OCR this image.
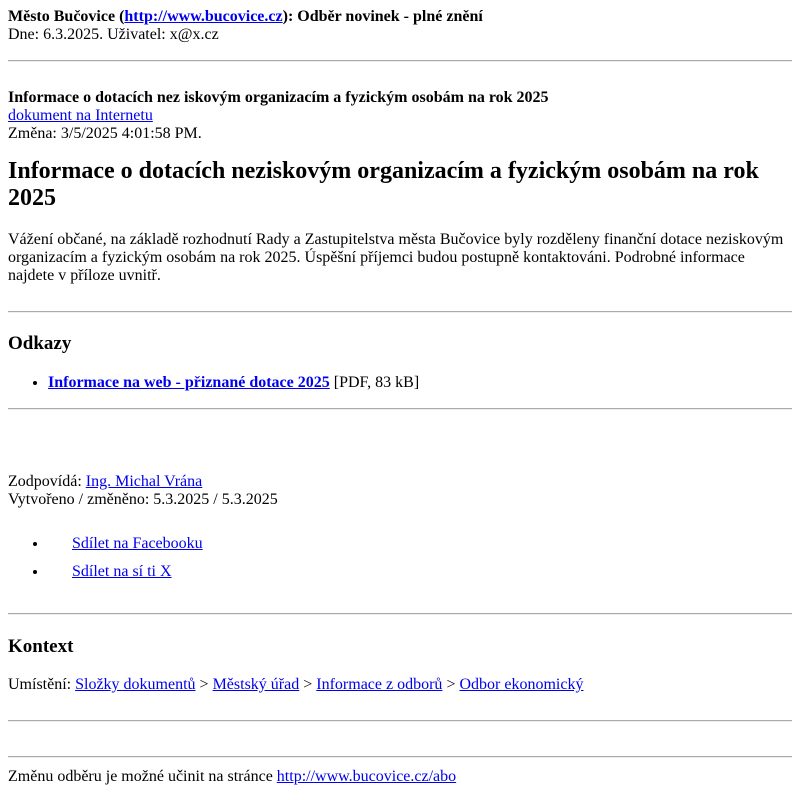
Město Bučovice (http://www.bucovice.cz): Odběr novinek - plné znění
Dne: 6.3.2025. Uživatel: x@x.cz
Informace o dotacích nez iskovým organizacím a fyzickým osobám na rok 2025
dokument na Internetu
Změna: 3/5/2025 4:01:58 PM.
Informace o dotacích neziskovým organizacím a fyzickým osobám na rok 2025

Vážení občané, na základě rozhodnutí Rady a Zastupitelstva města Bučovice byly rozděleny finanční dotace neziskovým organizacím a fyzickým osobám na rok 2025. Úspěšní příjemci budou postupně kontaktováni. Podrobné informace najdete v příloze uvnitř.

Odkazy
• Informace na web - přiznané dotace 2025 [PDF, 83 kB]
Zodpovídá: Ing. Michal Vrána
Vytvořeno / změněno: 5.3.2025 / 5.3.2025
• Sdílet na Facebooku
• Sdílet na sí ti X
Kontext
Umístění: Složky dokumentů > Městský úřad > Informace z odborů > Odbor ekonomický
Změnu odběru je možné učinit na stránce http://www.bucovice.cz/abo
